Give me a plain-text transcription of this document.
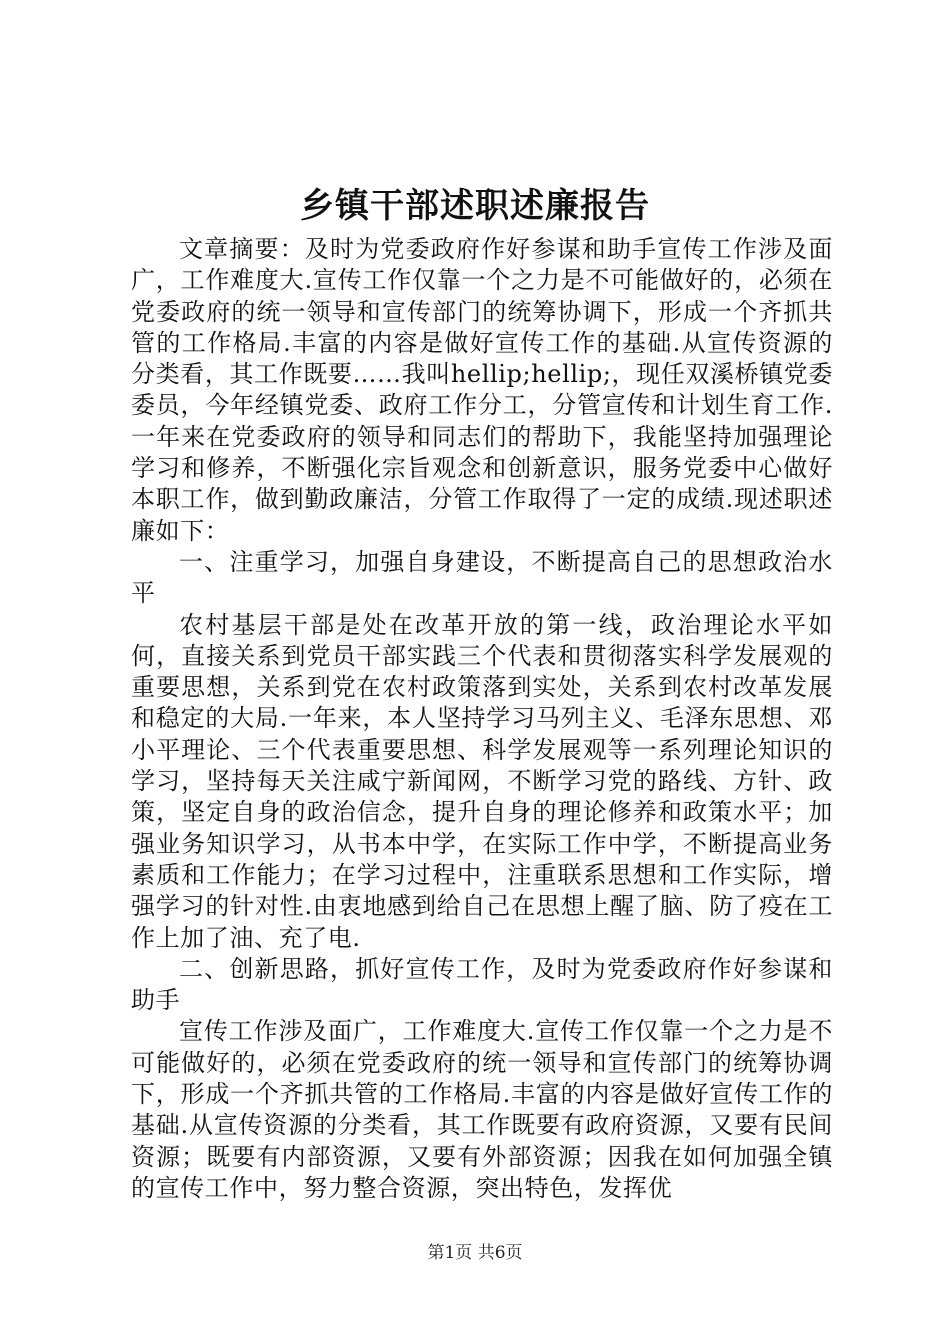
乡镇干部述职述廉报告

文章摘要：及时为党委政府作好参谋和助手宣传工作涉及面广，工作难度大.宣传工作仅靠一个之力是不可能做好的，必须在党委政府的统一领导和宣传部门的统筹协调下，形成一个齐抓共管的工作格局.丰富的内容是做好宣传工作的基础.从宣传资源的分类看，其工作既要……我叫hellip;hellip;，现任双溪桥镇党委委员，今年经镇党委、政府工作分工，分管宣传和计划生育工作.一年来在党委政府的领导和同志们的帮助下，我能坚持加强理论学习和修养，不断强化宗旨观念和创新意识，服务党委中心做好本职工作，做到勤政廉洁，分管工作取得了一定的成绩.现述职述廉如下：

一、注重学习，加强自身建设，不断提高自己的思想政治水平

农村基层干部是处在改革开放的第一线，政治理论水平如何，直接关系到党员干部实践三个代表和贯彻落实科学发展观的重要思想，关系到党在农村政策落到实处，关系到农村改革发展和稳定的大局.一年来，本人坚持学习马列主义、毛泽东思想、邓小平理论、三个代表重要思想、科学发展观等一系列理论知识的学习，坚持每天关注咸宁新闻网，不断学习党的路线、方针、政策，坚定自身的政治信念，提升自身的理论修养和政策水平；加强业务知识学习，从书本中学，在实际工作中学，不断提高业务素质和工作能力；在学习过程中，注重联系思想和工作实际，增强学习的针对性.由衷地感到给自己在思想上醒了脑、防了疫在工作上加了油、充了电.

二、创新思路，抓好宣传工作，及时为党委政府作好参谋和助手

宣传工作涉及面广，工作难度大.宣传工作仅靠一个之力是不可能做好的，必须在党委政府的统一领导和宣传部门的统筹协调下，形成一个齐抓共管的工作格局.丰富的内容是做好宣传工作的基础.从宣传资源的分类看，其工作既要有政府资源，又要有民间资源；既要有内部资源，又要有外部资源；因我在如何加强全镇的宣传工作中，努力整合资源，突出特色，发挥优

第1页 共6页
